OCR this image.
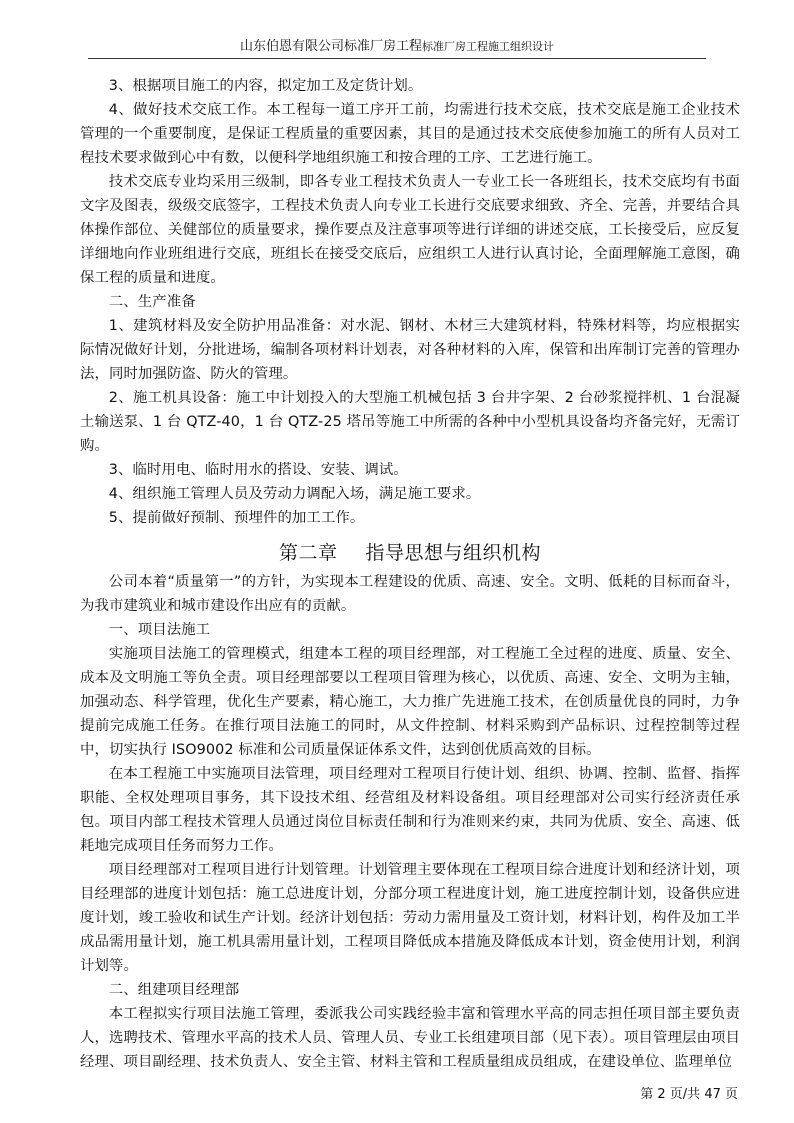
山东伯恩有限公司标准厂房工程标准厂房工程施工组织设计

3、根据项目施工的内容，拟定加工及定货计划。

4、做好技术交底工作。本工程每一道工序开工前，均需进行技术交底，技术交底是施工企业技术管理的一个重要制度，是保证工程质量的重要因素，其目的是通过技术交底使参加施工的所有人员对工程技术要求做到心中有数，以便科学地组织施工和按合理的工序、工艺进行施工。

技术交底专业均采用三级制，即各专业工程技术负责人一专业工长一各班组长，技术交底均有书面文字及图表，级级交底签字，工程技术负责人向专业工长进行交底要求细致、齐全、完善，并要结合具体操作部位、关健部位的质量要求，操作要点及注意事项等进行详细的讲述交底，工长接受后，应反复详细地向作业班组进行交底，班组长在接受交底后，应组织工人进行认真讨论，全面理解施工意图，确保工程的质量和进度。

二、生产准备

1、建筑材料及安全防护用品准备：对水泥、钢材、木材三大建筑材料，特殊材料等，均应根据实际情况做好计划，分批进场，编制各项材料计划表，对各种材料的入库，保管和出库制订完善的管理办法，同时加强防盗、防火的管理。

2、施工机具设备：施工中计划投入的大型施工机械包括 3 台井字架、2 台砂浆搅拌机、1 台混凝土输送泵、1 台 QTZ-40，1 台 QTZ-25 塔吊等施工中所需的各种中小型机具设备均齐备完好，无需订购。

3、临时用电、临时用水的搭设、安装、调试。

4、组织施工管理人员及劳动力调配入场，满足施工要求。

5、提前做好预制、预埋件的加工工作。

第二章 指导思想与组织机构

公司本着“质量第一”的方针，为实现本工程建设的优质、高速、安全。文明、低耗的目标而奋斗，为我市建筑业和城市建设作出应有的贡献。

一、项目法施工

实施项目法施工的管理模式，组建本工程的项目经理部，对工程施工全过程的进度、质量、安全、成本及文明施工等负全责。项目经理部要以工程项目管理为核心，以优质、高速、安全、文明为主轴，加强动态、科学管理，优化生产要素，精心施工，大力推广先进施工技术，在创质量优良的同时，力争提前完成施工任务。在推行项目法施工的同时，从文件控制、材料采购到产品标识、过程控制等过程中，切实执行 ISO9002 标准和公司质量保证体系文件，达到创优质高效的目标。

在本工程施工中实施项目法管理，项目经理对工程项目行使计划、组织、协调、控制、监督、指挥职能、全权处理项目事务，其下设技术组、经营组及材料设备组。项目经理部对公司实行经济责任承包。项目内部工程技术管理人员通过岗位目标责任制和行为准则来约束，共同为优质、安全、高速、低耗地完成项目任务而努力工作。

项目经理部对工程项目进行计划管理。计划管理主要体现在工程项目综合进度计划和经济计划，项目经理部的进度计划包括：施工总进度计划，分部分项工程进度计划，施工进度控制计划，设备供应进度计划，竣工验收和试生产计划。经济计划包括：劳动力需用量及工资计划，材料计划，构件及加工半成品需用量计划，施工机具需用量计划，工程项目降低成本措施及降低成本计划，资金使用计划，利润计划等。

二、组建项目经理部

本工程拟实行项目法施工管理，委派我公司实践经验丰富和管理水平高的同志担任项目部主要负责人，选聘技术、管理水平高的技术人员、管理人员、专业工长组建项目部（见下表）。项目管理层由项目经理、项目副经理、技术负责人、安全主管、材料主管和工程质量组成员组成，在建设单位、监理单位

第 2 页/共 47 页
